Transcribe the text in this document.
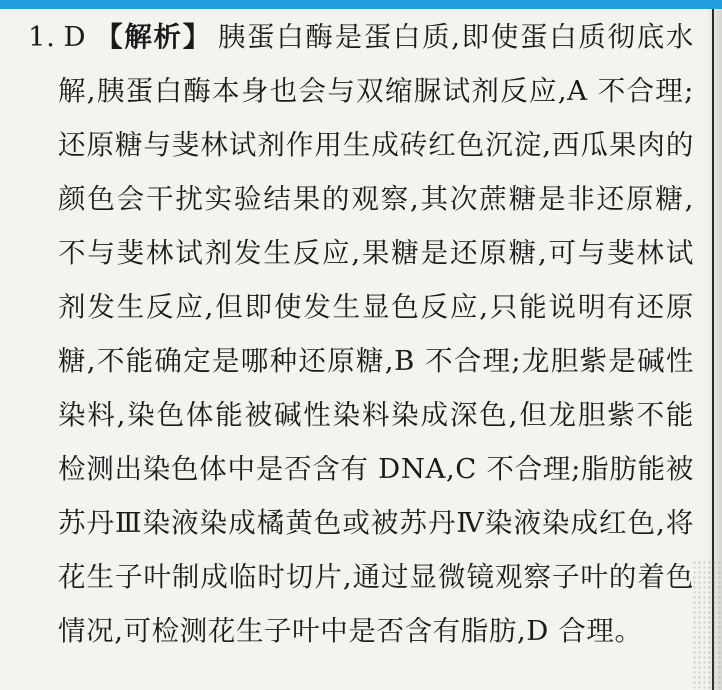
1. D 【解析】 胰蛋白酶是蛋白质,即使蛋白质彻底水
解,胰蛋白酶本身也会与双缩脲试剂反应,A 不合理;
还原糖与斐林试剂作用生成砖红色沉淀,西瓜果肉的
颜色会干扰实验结果的观察,其次蔗糖是非还原糖,
不与斐林试剂发生反应,果糖是还原糖,可与斐林试
剂发生反应,但即使发生显色反应,只能说明有还原
糖,不能确定是哪种还原糖,B 不合理;龙胆紫是碱性
染料,染色体能被碱性染料染成深色,但龙胆紫不能
检测出染色体中是否含有 DNA,C 不合理;脂肪能被
苏丹Ⅲ染液染成橘黄色或被苏丹Ⅳ染液染成红色,将
花生子叶制成临时切片,通过显微镜观察子叶的着色
情况,可检测花生子叶中是否含有脂肪,D 合理。
